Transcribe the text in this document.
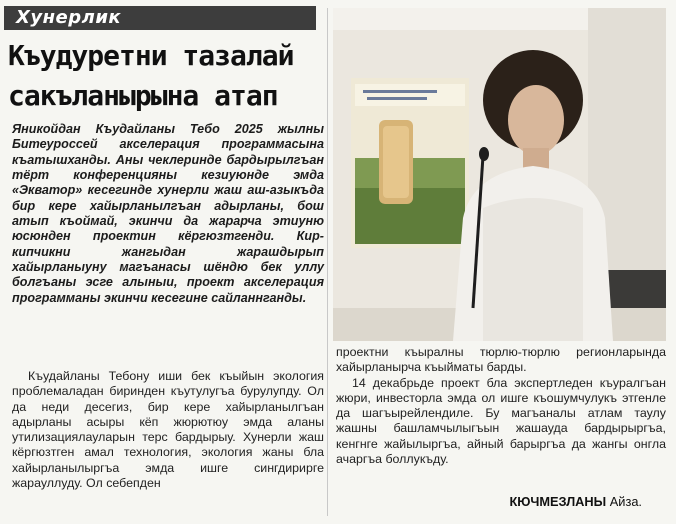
Хунерлик
Къудуретни тазалай сакъланырына атап

Яникойдан Къудайланы Тебо 2025 жылны Битеуроссей акселерация программасына къатышханды. Аны чеклеринде бардырылгъан тёрт конференцияны кезиуюнде эмда «Экватор» кесегинде хунерли жаш аш-азыкъда бир кере хайырланылгъан адырланы, бош атып къоймай, экинчи да жарарча этиуню юсюнден проектин кёргюзтгенди. Кир-кипчикни жангыдан жарашдырып хайырланыуну магъанасы шёндю бек уллу болгъаны эсге алыныи, проект акселерация программаны экинчи кесегине сайланнганды.

Къудайланы Тебону иши бек къыйын экология проблемаладан биринден къутулугъа бурулупду. Ол да неди десегиз, бир кере хайырланылгъан адырланы асыры кёп жюрютюу эмда аланы утилизациялауларын терс бардырыу. Хунерли жаш кёргюзтген амал технология, экология жаны бла хайырланылыргъа эмда ишге сингдирирге жарауллуду. Ол себепден

проектни къыралны тюрлю-тюрлю регионларында хайырланырча къыйматы барды.

14 декабрьде проект бла экспертледен къуралгъан жюри, инвесторла эмда ол ишге къошумчулукъ этгенле да шагъырейлендиле. Бу магъаналы атлам таулу жашны башламчылыгъын жашауда бардырыргъа, кенгнге жайылыргъа, айный барыргъа да жангы онгла ачаргъа боллукъду.

КЮЧМЕЗЛАНЫ Айза.
